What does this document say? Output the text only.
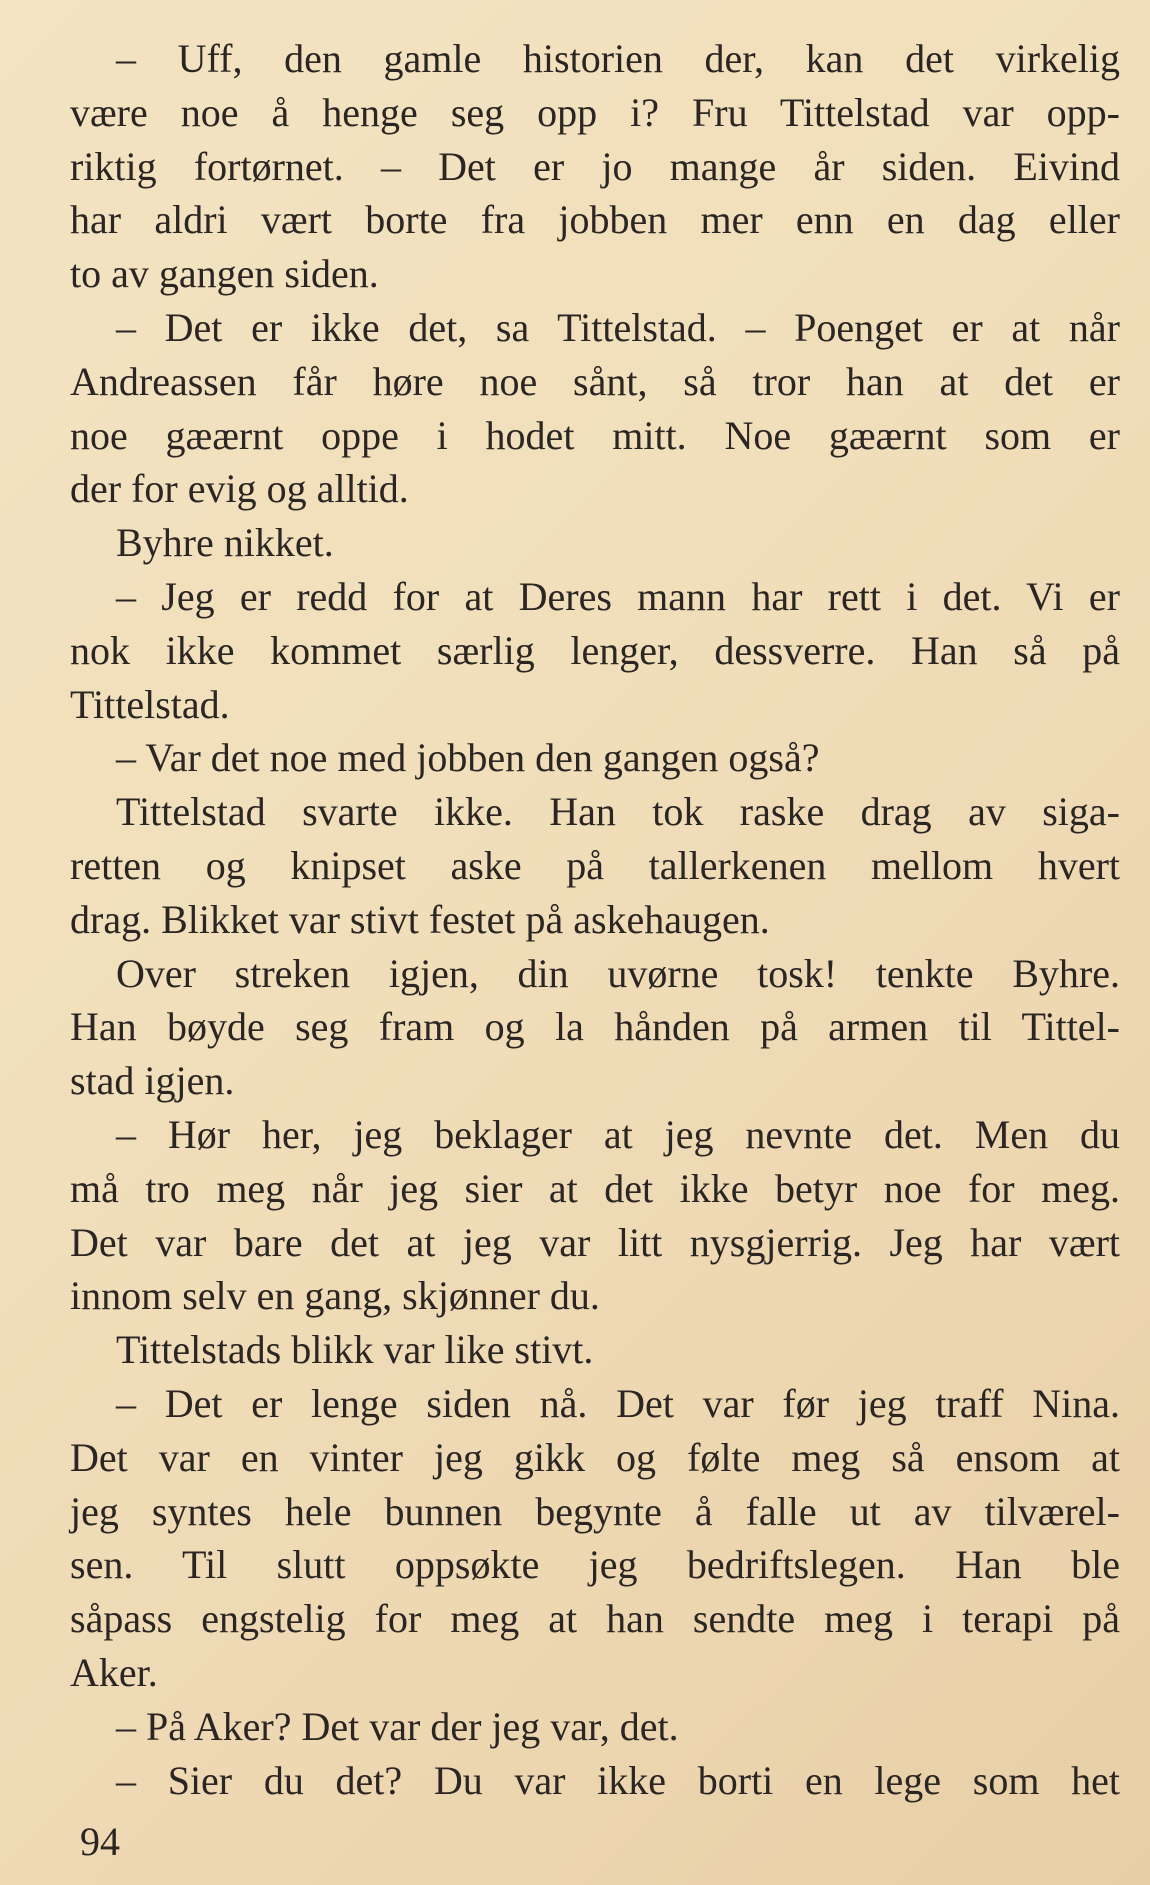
– Uff, den gamle historien der, kan det virkelig
være noe å henge seg opp i? Fru Tittelstad var opp-
riktig fortørnet. – Det er jo mange år siden. Eivind
har aldri vært borte fra jobben mer enn en dag eller
to av gangen siden.
– Det er ikke det, sa Tittelstad. – Poenget er at når
Andreassen får høre noe sånt, så tror han at det er
noe gæærnt oppe i hodet mitt. Noe gæærnt som er
der for evig og alltid.
Byhre nikket.
– Jeg er redd for at Deres mann har rett i det. Vi er
nok ikke kommet særlig lenger, dessverre. Han så på
Tittelstad.
– Var det noe med jobben den gangen også?
Tittelstad svarte ikke. Han tok raske drag av siga-
retten og knipset aske på tallerkenen mellom hvert
drag. Blikket var stivt festet på askehaugen.
Over streken igjen, din uvørne tosk! tenkte Byhre.
Han bøyde seg fram og la hånden på armen til Tittel-
stad igjen.
– Hør her, jeg beklager at jeg nevnte det. Men du
må tro meg når jeg sier at det ikke betyr noe for meg.
Det var bare det at jeg var litt nysgjerrig. Jeg har vært
innom selv en gang, skjønner du.
Tittelstads blikk var like stivt.
– Det er lenge siden nå. Det var før jeg traff Nina.
Det var en vinter jeg gikk og følte meg så ensom at
jeg syntes hele bunnen begynte å falle ut av tilværel-
sen. Til slutt oppsøkte jeg bedriftslegen. Han ble
såpass engstelig for meg at han sendte meg i terapi på
Aker.
– På Aker? Det var der jeg var, det.
– Sier du det? Du var ikke borti en lege som het
94
